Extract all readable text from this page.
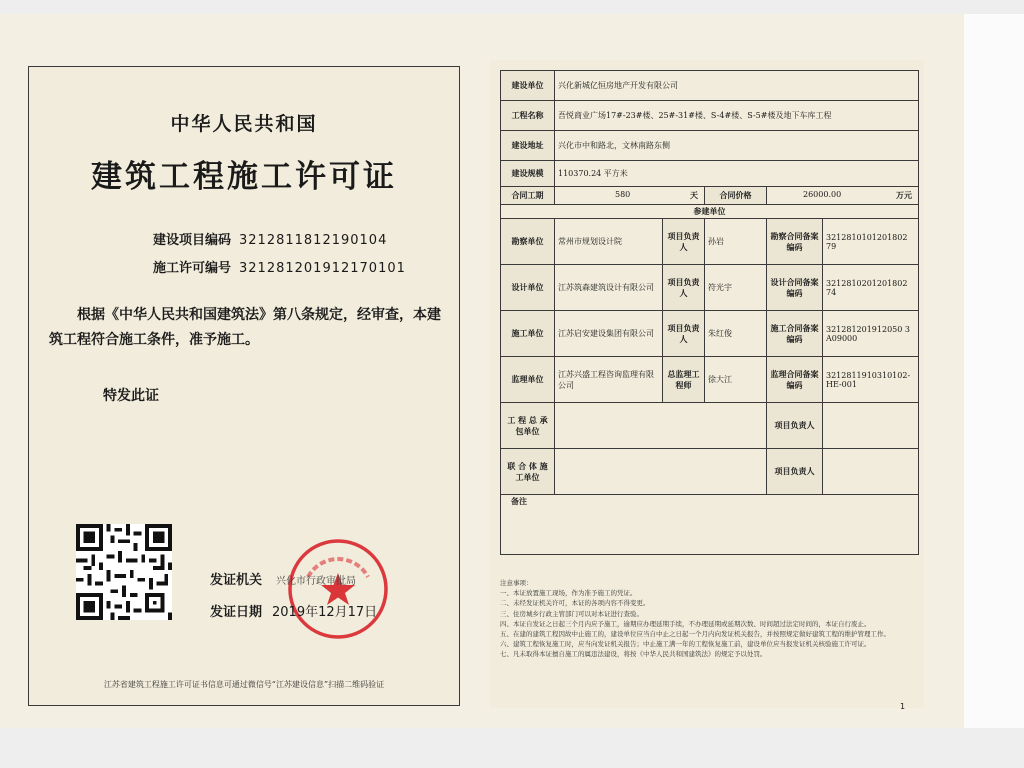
中华人民共和国
建筑工程施工许可证
建设项目编码 3212811812190104
施工许可编号 321281201912170101
根据《中华人民共和国建筑法》第八条规定，经审查，本建筑工程符合施工条件，准予施工。
特发此证
发证机关 兴化市行政审批局
发证日期 2019年12月17日
江苏省建筑工程施工许可证书信息可通过微信号“江苏建设信息”扫描二维码验证
建设单位	兴化新城亿恒房地产开发有限公司				
工程名称	吾悦商业广场17#-23#楼、25#-31#楼、S-4#楼、S-5#楼及地下车库工程				
建设地址	兴化市中和路北，文林南路东侧				
建设规模	110370.24 平方米				
合同工期	580 天		合同价格	26000.00 万元	

参建单位					
勘察单位	常州市规划设计院	项目负责人	孙岩	勘察合同备案编码	3212810101201802 79
设计单位	江苏筑森建筑设计有限公司	项目负责人	符光宇	设计合同备案编码	3212810201201802 74
施工单位	江苏启安建设集团有限公司	项目负责人	朱红俊	施工合同备案编码	321281201912050 3A09000
监理单位	江苏兴盛工程咨询监理有限公司	总监理工程师	徐大江	监理合同备案编码	3212811910310102-HE-001
工 程 总 承包单位				项目负责人	
联 合 体 施工单位				项目负责人	
备注					
注意事项：
一、本证放置施工现场，作为准予施工的凭证。
二、未经发证机关许可，本证的各项内容不得变更。
三、住房城乡行政主管部门可以对本证进行查验。
四、本证自发证之日起三个月内应予施工，逾期应办理延期手续，不办理延期或延期次数、时间超过法定时间的，本证自行废止。
五、在建的建筑工程因故中止施工的，建设单位应当自中止之日起一个月内向发证机关报告，并按照规定做好建筑工程的维护管理工作。
六、建筑工程恢复施工时，应当向发证机关报告；中止施工满一年的工程恢复施工前，建设单位应当报发证机关核验施工许可证。
七、凡未取得本证擅自施工的属违法建设，将按《中华人民共和国建筑法》的规定予以处罚。
1
